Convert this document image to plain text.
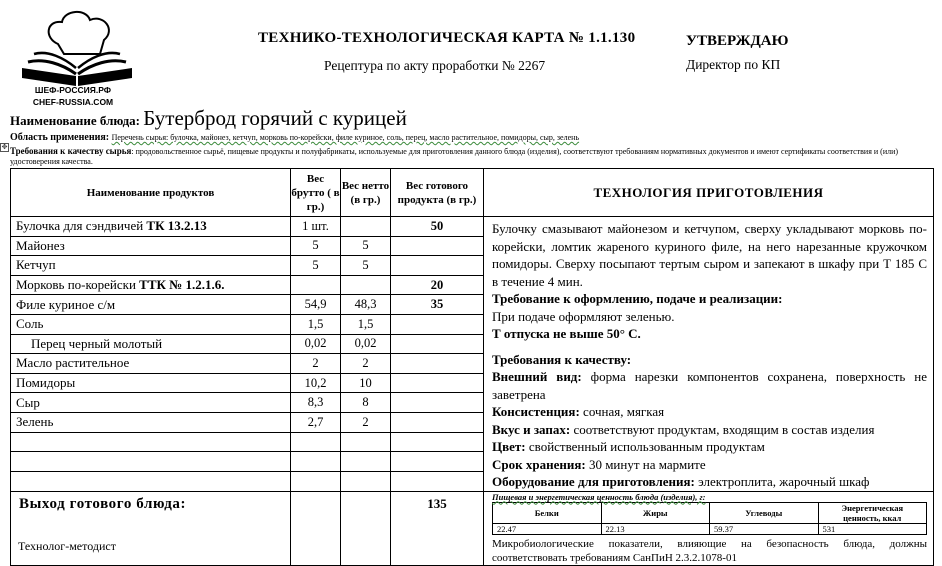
ШЕФ-РОССИЯ.РФ
CHEF-RUSSIA.COM
ТЕХНИКО-ТЕХНОЛОГИЧЕСКАЯ КАРТА № 1.1.130
Рецептура по акту проработки № 2267
УТВЕРЖДАЮ
Директор по КП
Наименование блюда: Бутерброд горячий с курицей
Область применения: Перечень сырья: булочка, майонез, кетчуп, морковь по-корейски, филе куриное, соль, перец, масло растительное, помидоры, сыр, зелень
✥ Требования к качеству сырья: продовольственное сырьё, пищевые продукты и полуфабрикаты, используемые для приготовления данного блюда (изделия), соответствуют требованиям нормативных документов и имеют сертификаты соответствия и (или) удостоверения качества.
Наименование продуктов	Вес брутто ( в гр.)	Вес нетто (в гр.)	Вес готового продукта (в гр.)	ТЕХНОЛОГИЯ ПРИГОТОВЛЕНИЯ
Булочка для сэндвичей ТК 13.2.13	1 шт.		50	Булочку смазывают майонезом и кетчупом, сверху укладывают морковь по-корейски, ломтик жареного куриного филе, на него нарезанные кружочком помидоры. Сверху посыпают тертым сыром и запекают в шкафу при Т 185 С в течение 4 мин.

Требование к оформлению, подаче и реализации:

При подаче оформляют зеленью.

Т отпуска не выше 50° С.

Требования к качеству:

Внешний вид: форма нарезки компонентов сохранена, поверхность не заветрена

Консистенция: сочная, мягкая

Вкус и запах: соответствуют продуктам, входящим в состав изделия

Цвет: свойственный использованным продуктам

Срок хранения: 30 минут на мармите

Оборудование для приготовления: электроплита, жарочный шкаф

Майонез	5	5	
Кетчуп	5	5	
Морковь по-корейски ТТК № 1.2.1.6.			20
Филе куриное с/м	54,9	48,3	35
Соль	1,5	1,5	
Перец черный молотый	0,02	0,02	
Масло растительное	2	2	
Помидоры	10,2	10	
Сыр	8,3	8	
Зелень	2,7	2	

Выход готового блюда:			135	Пищевая и энергетическая ценность блюда (изделия), г:
Белки	Жиры	Углеводы	Энергетическая ценность, ккал
22.47	22.13	59.37	531
Микробиологические показатели, влияющие на безопасность блюда, должны соответствовать требованиям СанПиН 2.3.2.1078-01
Технолог-методист
